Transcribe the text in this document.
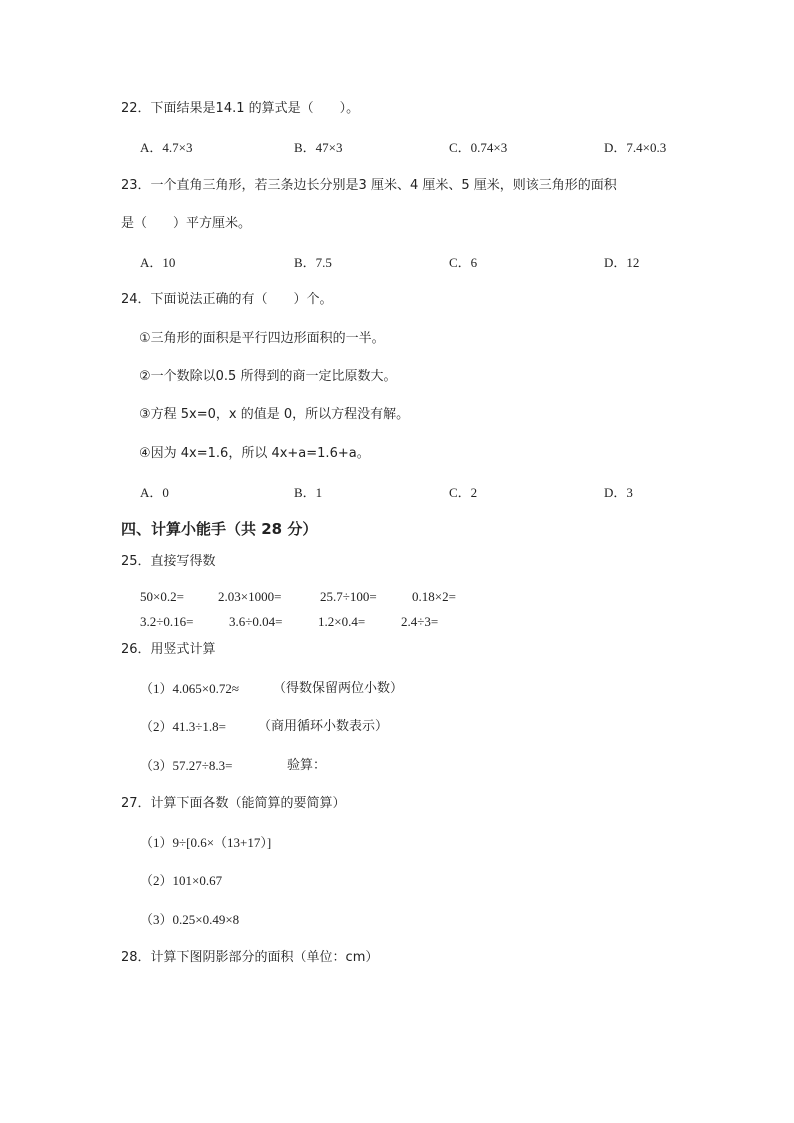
22．下面结果是14.1 的算式是（　　）。
A．4.7×3	B．47×3	C．0.74×3	D．7.4×0.3
23．一个直角三角形，若三条边长分别是3 厘米、4 厘米、5 厘米，则该三角形的面积
是（　　）平方厘米。
A．10	B．7.5	C．6	D．12
24．下面说法正确的有（　　）个。
①三角形的面积是平行四边形面积的一半。
②一个数除以0.5 所得到的商一定比原数大。
③方程 5x=0，x 的值是 0，所以方程没有解。
④因为 4x=1.6，所以 4x+a=1.6+a。
A．0	B．1	C．2	D．3
四、计算小能手（共 28 分）
25．直接写得数
50×0.2=	2.03×1000=	25.7÷100=	0.18×2=
3.2÷0.16=	3.6÷0.04=	1.2×0.4=	2.4÷3=
26．用竖式计算
（1）4.065×0.72≈	（得数保留两位小数）
（2）41.3÷1.8= （商用循环小数表示）
（3）57.27÷8.3=	验算：
27．计算下面各数（能简算的要简算）
（1）9÷[0.6×（13+17）]
（2）101×0.67
（3）0.25×0.49×8
28．计算下图阴影部分的面积（单位：cm）
